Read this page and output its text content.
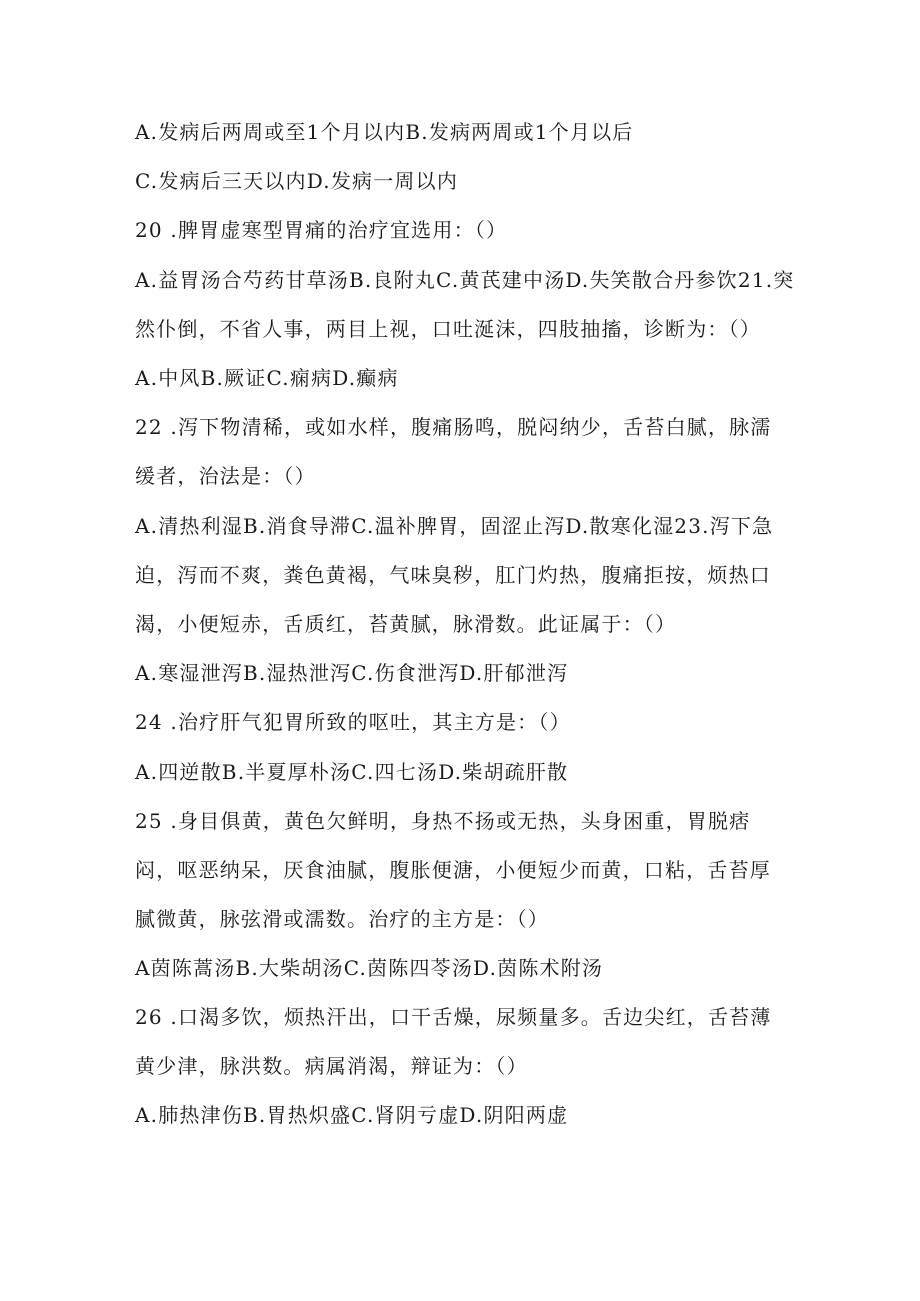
A.发病后两周或至1个月以内B.发病两周或1个月以后
C.发病后三天以内D.发病一周以内
20 .脾胃虚寒型胃痛的治疗宜选用：（）
A.益胃汤合芍药甘草汤B.良附丸C.黄芪建中汤D.失笑散合丹参饮21.突
然仆倒，不省人事，两目上视，口吐涎沫，四肢抽搐，诊断为：（）
A.中风B.厥证C.痫病D.癫病
22 .泻下物清稀，或如水样，腹痛肠鸣，脱闷纳少，舌苔白腻，脉濡
缓者，治法是：（）
A.清热利湿B.消食导滞C.温补脾胃，固涩止泻D.散寒化湿23.泻下急
迫，泻而不爽，粪色黄褐，气味臭秽，肛门灼热，腹痛拒按，烦热口
渴，小便短赤，舌质红，苔黄腻，脉滑数。此证属于：（）
A.寒湿泄泻B.湿热泄泻C.伤食泄泻D.肝郁泄泻
24 .治疗肝气犯胃所致的呕吐，其主方是：（）
A.四逆散B.半夏厚朴汤C.四七汤D.柴胡疏肝散
25 .身目俱黄，黄色欠鲜明，身热不扬或无热，头身困重，胃脱痞
闷，呕恶纳呆，厌食油腻，腹胀便溏，小便短少而黄，口粘，舌苔厚
腻微黄，脉弦滑或濡数。治疗的主方是：（）
A茵陈蒿汤B.大柴胡汤C.茵陈四苓汤D.茵陈术附汤
26 .口渴多饮，烦热汗出，口干舌燥，尿频量多。舌边尖红，舌苔薄
黄少津，脉洪数。病属消渴，辩证为：（）
A.肺热津伤B.胃热炽盛C.肾阴亏虚D.阴阳两虚
